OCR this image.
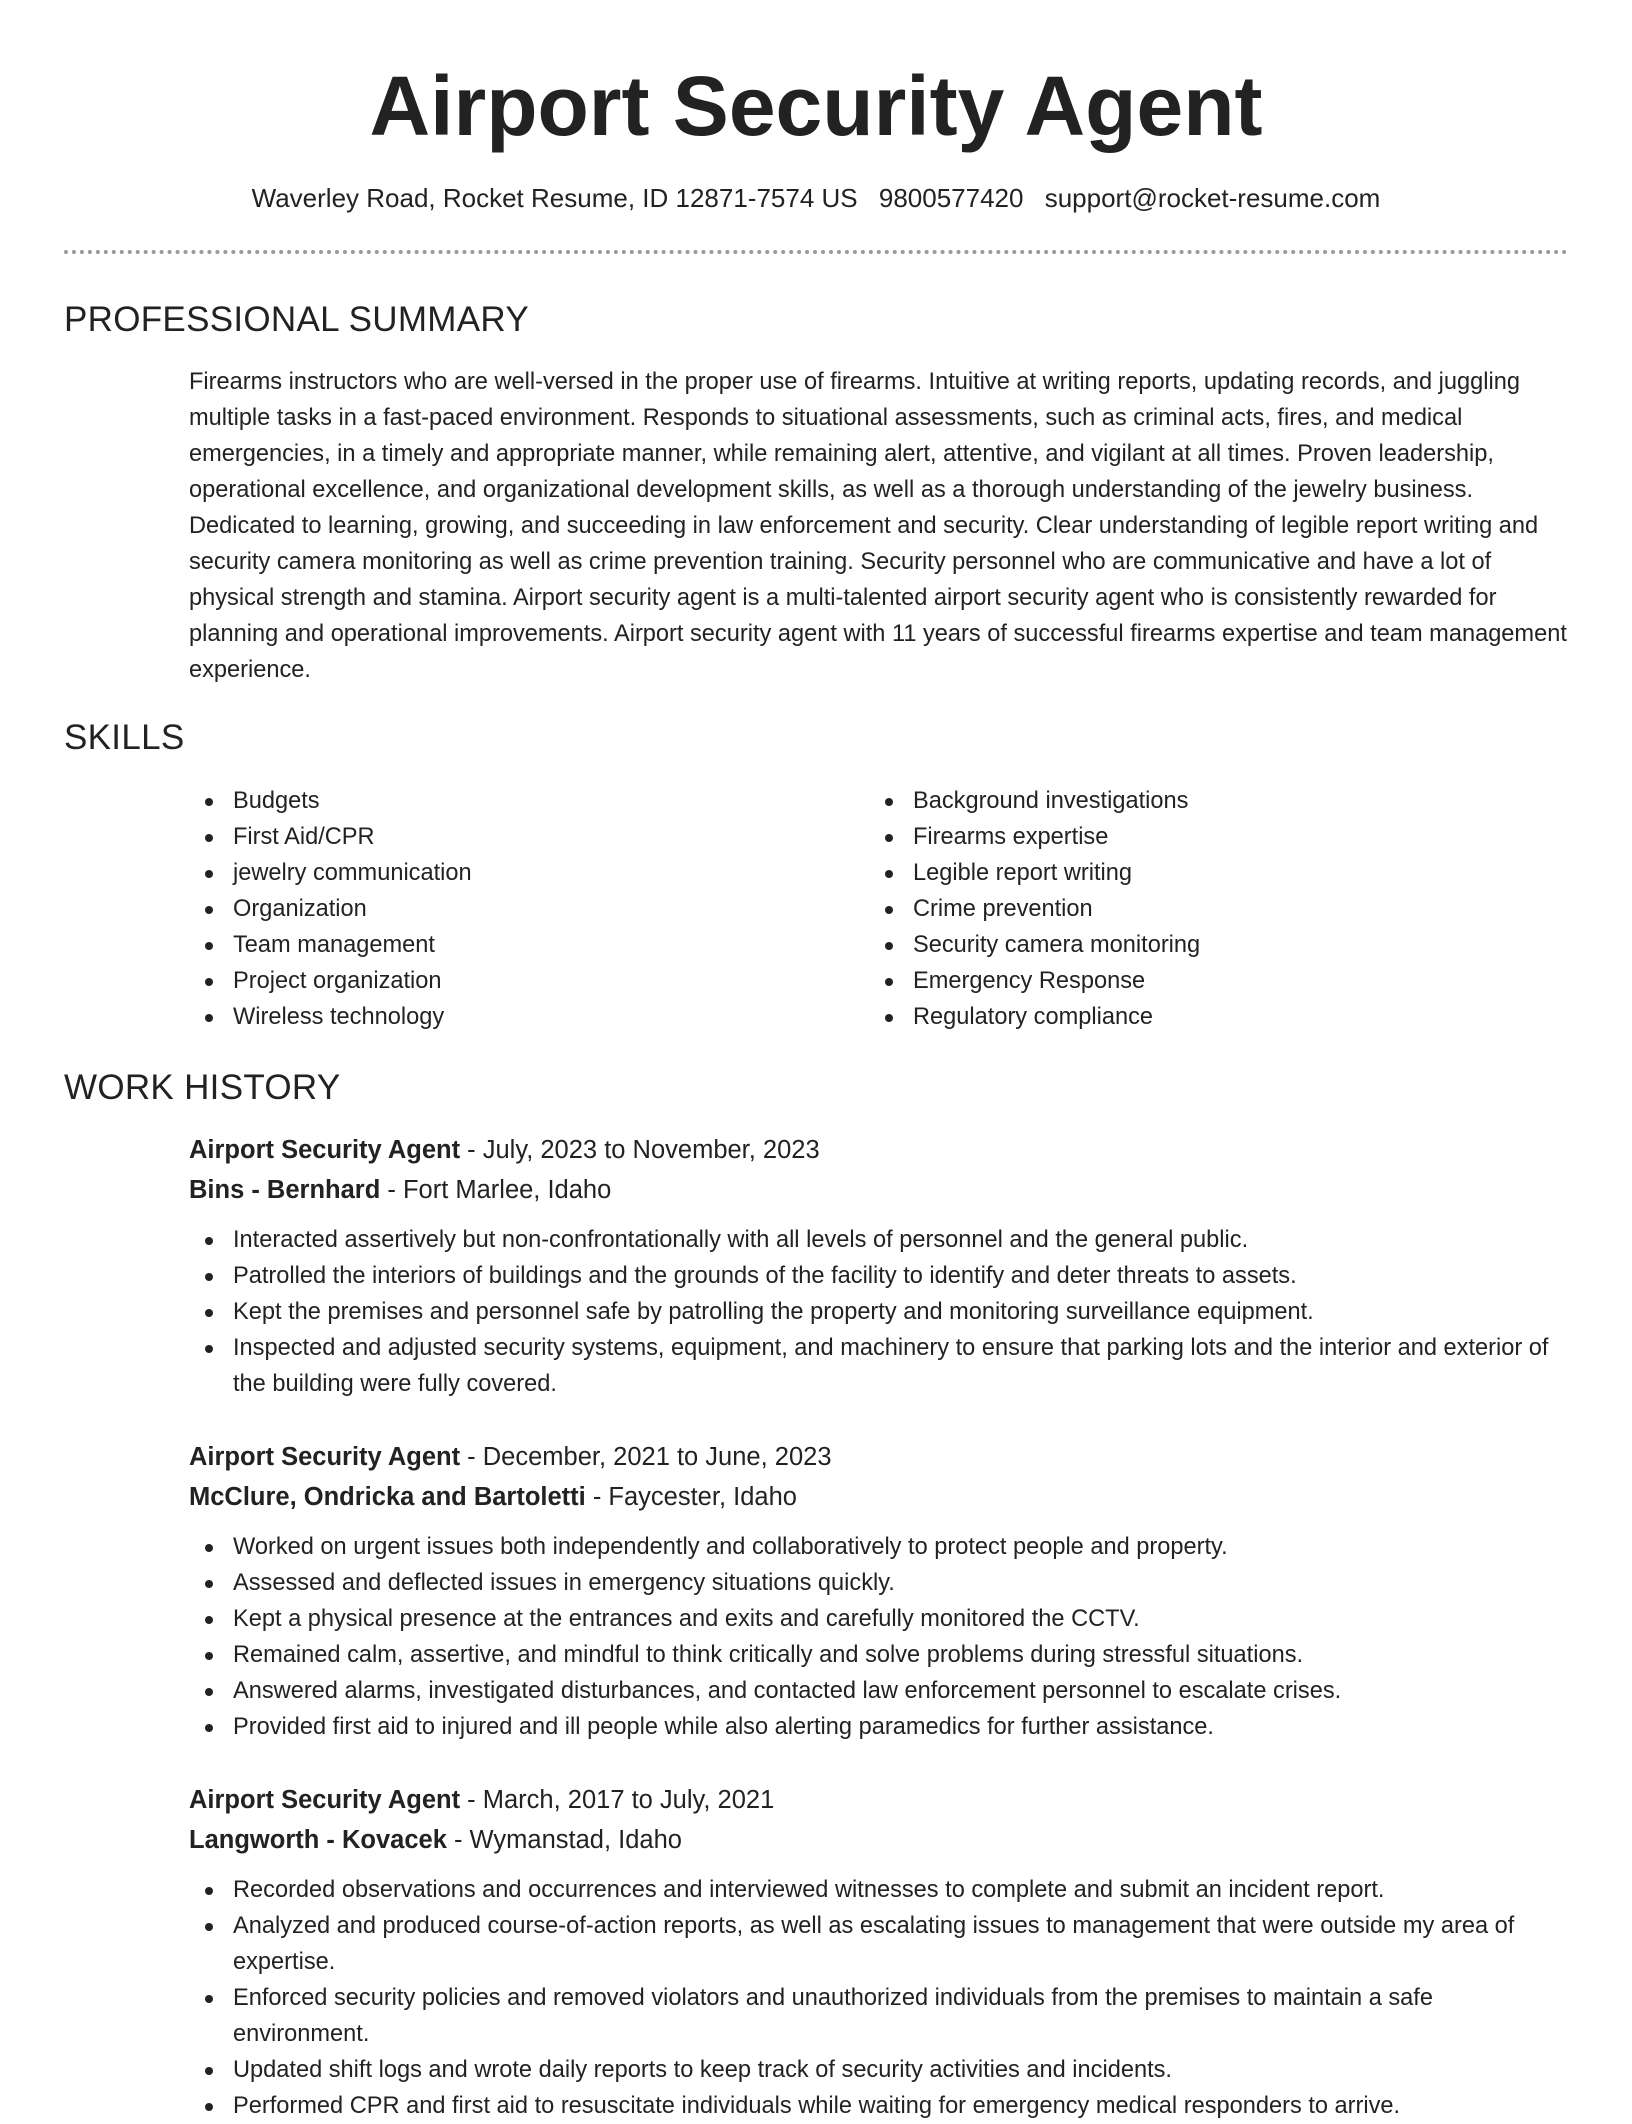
Airport Security Agent
Waverley Road, Rocket Resume, ID 12871-7574 US 9800577420 support@rocket-resume.com
PROFESSIONAL SUMMARY

Firearms instructors who are well-versed in the proper use of firearms. Intuitive at writing reports, updating records, and juggling multiple tasks in a fast-paced environment. Responds to situational assessments, such as criminal acts, fires, and medical emergencies, in a timely and appropriate manner, while remaining alert, attentive, and vigilant at all times. Proven leadership, operational excellence, and organizational development skills, as well as a thorough understanding of the jewelry business. Dedicated to learning, growing, and succeeding in law enforcement and security. Clear understanding of legible report writing and security camera monitoring as well as crime prevention training. Security personnel who are communicative and have a lot of physical strength and stamina. Airport security agent is a multi-talented airport security agent who is consistently rewarded for planning and operational improvements. Airport security agent with 11 years of successful firearms expertise and team management experience.

SKILLS
Budgets
First Aid/CPR
jewelry communication
Organization
Team management
Project organization
Wireless technology
Background investigations
Firearms expertise
Legible report writing
Crime prevention
Security camera monitoring
Emergency Response
Regulatory compliance
WORK HISTORY

Airport Security Agent - July, 2023 to November, 2023

Bins - Bernhard - Fort Marlee, Idaho

Interacted assertively but non-confrontationally with all levels of personnel and the general public.
Patrolled the interiors of buildings and the grounds of the facility to identify and deter threats to assets.
Kept the premises and personnel safe by patrolling the property and monitoring surveillance equipment.
Inspected and adjusted security systems, equipment, and machinery to ensure that parking lots and the interior and exterior of the building were fully covered.

Airport Security Agent - December, 2021 to June, 2023

McClure, Ondricka and Bartoletti - Faycester, Idaho

Worked on urgent issues both independently and collaboratively to protect people and property.
Assessed and deflected issues in emergency situations quickly.
Kept a physical presence at the entrances and exits and carefully monitored the CCTV.
Remained calm, assertive, and mindful to think critically and solve problems during stressful situations.
Answered alarms, investigated disturbances, and contacted law enforcement personnel to escalate crises.
Provided first aid to injured and ill people while also alerting paramedics for further assistance.

Airport Security Agent - March, 2017 to July, 2021

Langworth - Kovacek - Wymanstad, Idaho

Recorded observations and occurrences and interviewed witnesses to complete and submit an incident report.
Analyzed and produced course-of-action reports, as well as escalating issues to management that were outside my area of expertise.
Enforced security policies and removed violators and unauthorized individuals from the premises to maintain a safe environment.
Updated shift logs and wrote daily reports to keep track of security activities and incidents.
Performed CPR and first aid to resuscitate individuals while waiting for emergency medical responders to arrive.
